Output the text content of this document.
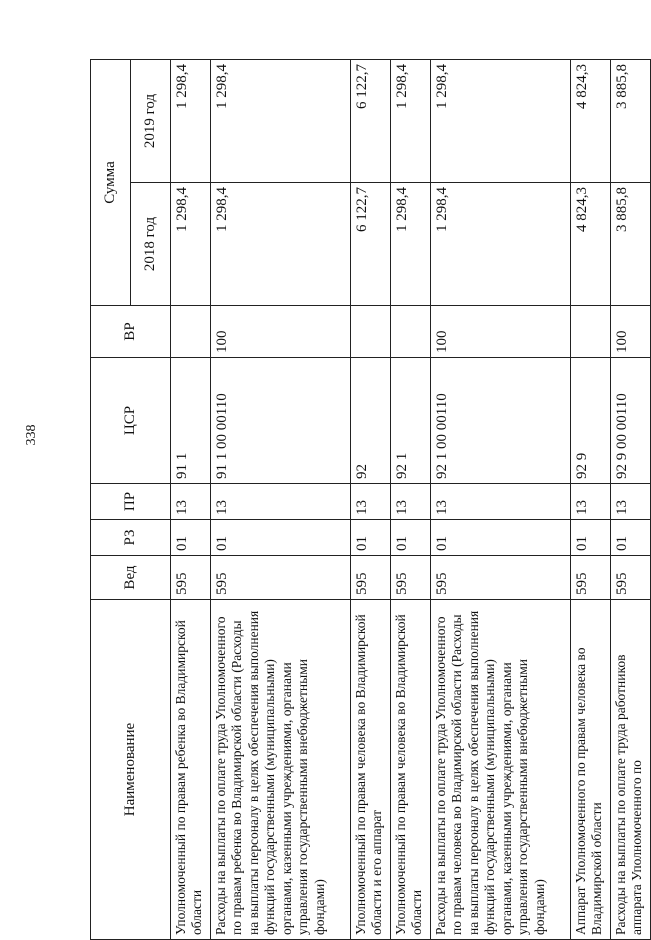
338
Наименование	Вед	РЗ	ПР	ЦСР	ВР	Сумма	
						2018 год	2019 год
Уполномоченный по правам ребенка во Владимирской области	595	01	13	91 1		1 298,4	1 298,4
Расходы на выплаты по оплате труда Уполномоченного по правам ребенка во Владимирской области (Расходы на выплаты персоналу в целях обеспечения выполнения функций государственными (муниципальными) органами, казенными учреждениями, органами управления государственными внебюджетными фондами)	595	01	13	91 1 00 00110	100	1 298,4	1 298,4
Уполномоченный по правам человека во Владимирской области и его аппарат	595	01	13	92		6 122,7	6 122,7
Уполномоченный по правам человека во Владимирской области	595	01	13	92 1		1 298,4	1 298,4
Расходы на выплаты по оплате труда Уполномоченного по правам человека во Владимирской области (Расходы на выплаты персоналу в целях обеспечения выполнения функций государственными (муниципальными) органами, казенными учреждениями, органами управления государственными внебюджетными фондами)	595	01	13	92 1 00 00110	100	1 298,4	1 298,4
Аппарат Уполномоченного по правам человека во Владимирской области	595	01	13	92 9		4 824,3	4 824,3
Расходы на выплаты по оплате труда работников аппарата Уполномоченного по	595	01	13	92 9 00 00110	100	3 885,8	3 885,8
